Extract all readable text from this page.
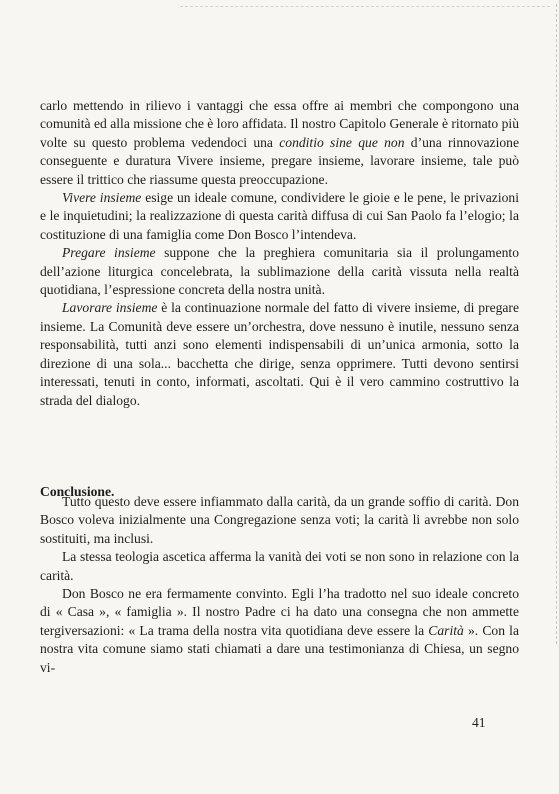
carlo mettendo in rilievo i vantaggi che essa offre ai membri che compongono una comunità ed alla missione che è loro affidata. Il nostro Capitolo Generale è ritornato più volte su questo problema vedendoci una conditio sine que non d’una rinnovazione conseguente e duratura Vivere insieme, pregare insieme, lavorare insieme, tale può essere il trittico che riassume questa preoccupazione.

Vivere insieme esige un ideale comune, condividere le gioie e le pene, le privazioni e le inquietudini; la realizzazione di questa carità diffusa di cui San Paolo fa l’elogio; la costituzione di una famiglia come Don Bosco l’intendeva.

Pregare insieme suppone che la preghiera comunitaria sia il prolungamento dell’azione liturgica concelebrata, la sublimazione della carità vissuta nella realtà quotidiana, l’espressione concreta della nostra unità.

Lavorare insieme è la continuazione normale del fatto di vivere insieme, di pregare insieme. La Comunità deve essere un’orchestra, dove nessuno è inutile, nessuno senza responsabilità, tutti anzi sono elementi indispensabili di un’unica armonia, sotto la direzione di una sola... bacchetta che dirige, senza opprimere. Tutti devono sentirsi interessati, tenuti in conto, informati, ascoltati. Qui è il vero cammino costruttivo la strada del dialogo.

Conclusione.

Tutto questo deve essere infiammato dalla carità, da un grande soffio di carità. Don Bosco voleva inizialmente una Congregazione senza voti; la carità li avrebbe non solo sostituiti, ma inclusi.

La stessa teologia ascetica afferma la vanità dei voti se non sono in relazione con la carità.

Don Bosco ne era fermamente convinto. Egli l’ha tradotto nel suo ideale concreto di « Casa », « famiglia ». Il nostro Padre ci ha dato una consegna che non ammette tergiversazioni: « La trama della nostra vita quotidiana deve essere la Carità ». Con la nostra vita comune siamo stati chiamati a dare una testimonianza di Chiesa, un segno vi-

41
